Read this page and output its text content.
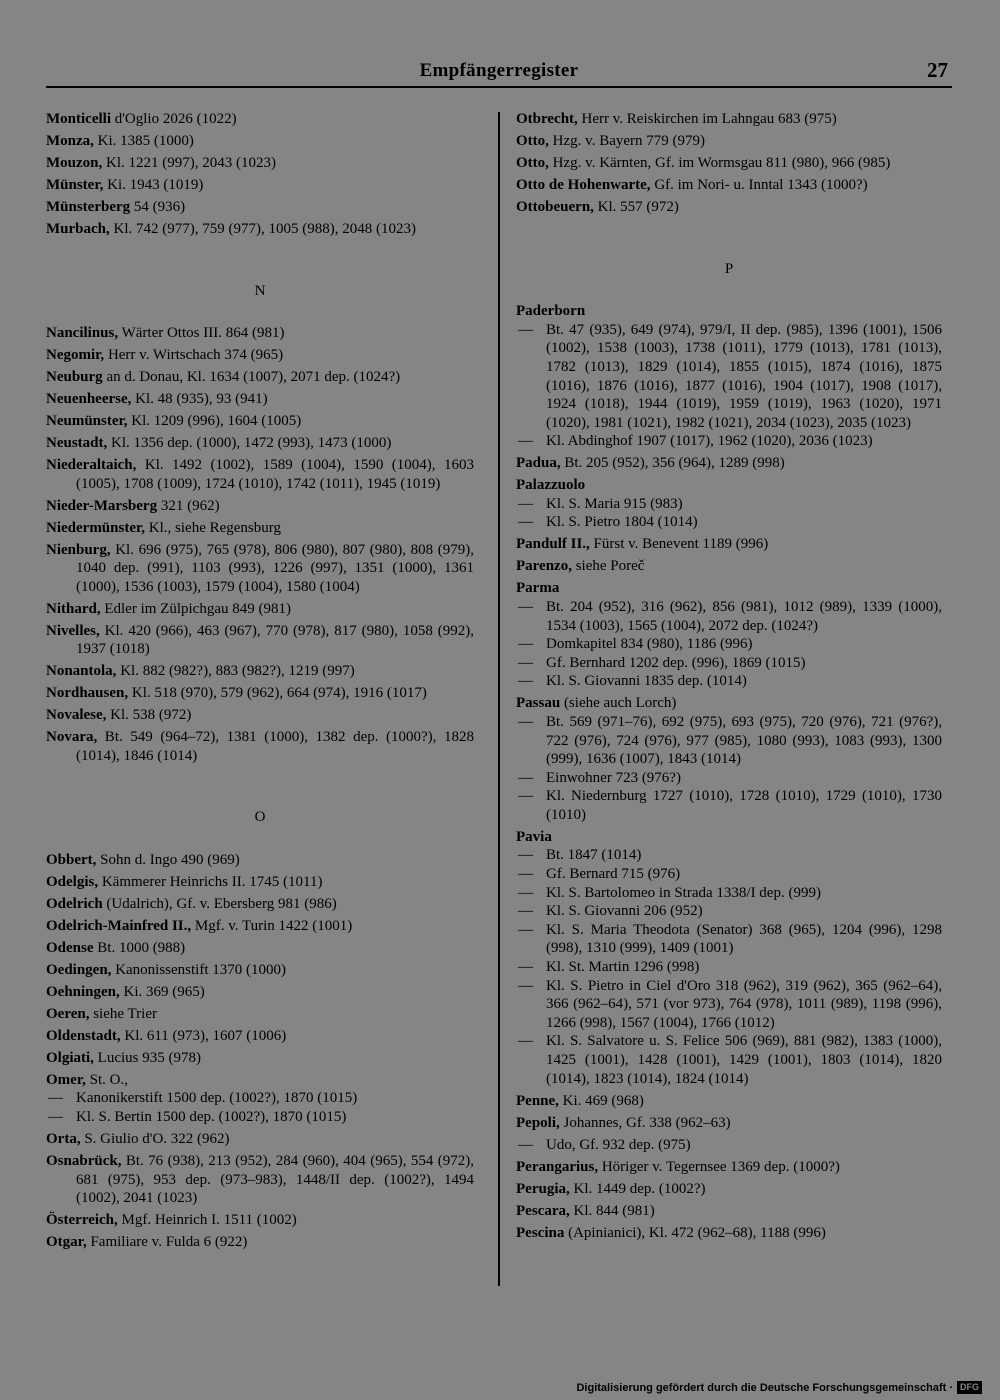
Empfängerregister	27
Monticelli d'Oglio 2026 (1022)
Monza, Ki. 1385 (1000)
Mouzon, Kl. 1221 (997), 2043 (1023)
Münster, Ki. 1943 (1019)
Münsterberg 54 (936)
Murbach, Kl. 742 (977), 759 (977), 1005 (988), 2048 (1023)
N
Nancilinus, Wärter Ottos III. 864 (981)
Negomir, Herr v. Wirtschach 374 (965)
Neuburg an d. Donau, Kl. 1634 (1007), 2071 dep. (1024?)
Neuenheerse, Kl. 48 (935), 93 (941)
Neumünster, Kl. 1209 (996), 1604 (1005)
Neustadt, Kl. 1356 dep. (1000), 1472 (993), 1473 (1000)
Niederaltaich, Kl. 1492 (1002), 1589 (1004), 1590 (1004), 1603 (1005), 1708 (1009), 1724 (1010), 1742 (1011), 1945 (1019)
Nieder-Marsberg 321 (962)
Niedermünster, Kl., siehe Regensburg
Nienburg, Kl. 696 (975), 765 (978), 806 (980), 807 (980), 808 (979), 1040 dep. (991), 1103 (993), 1226 (997), 1351 (1000), 1361 (1000), 1536 (1003), 1579 (1004), 1580 (1004)
Nithard, Edler im Zülpichgau 849 (981)
Nivelles, Kl. 420 (966), 463 (967), 770 (978), 817 (980), 1058 (992), 1937 (1018)
Nonantola, Kl. 882 (982?), 883 (982?), 1219 (997)
Nordhausen, Kl. 518 (970), 579 (962), 664 (974), 1916 (1017)
Novalese, Kl. 538 (972)
Novara, Bt. 549 (964–72), 1381 (1000), 1382 dep. (1000?), 1828 (1014), 1846 (1014)
O
Obbert, Sohn d. Ingo 490 (969)
Odelgis, Kämmerer Heinrichs II. 1745 (1011)
Odelrich (Udalrich), Gf. v. Ebersberg 981 (986)
Odelrich-Mainfred II., Mgf. v. Turin 1422 (1001)
Odense Bt. 1000 (988)
Oedingen, Kanonissenstift 1370 (1000)
Oehningen, Ki. 369 (965)
Oeren, siehe Trier
Oldenstadt, Kl. 611 (973), 1607 (1006)
Olgiati, Lucius 935 (978)
Omer, St. O.,
— Kanonikerstift 1500 dep. (1002?), 1870 (1015)
— Kl. S. Bertin 1500 dep. (1002?), 1870 (1015)
Orta, S. Giulio d'O. 322 (962)
Osnabrück, Bt. 76 (938), 213 (952), 284 (960), 404 (965), 554 (972), 681 (975), 953 dep. (973–983), 1448/II dep. (1002?), 1494 (1002), 2041 (1023)
Österreich, Mgf. Heinrich I. 1511 (1002)
Otgar, Familiare v. Fulda 6 (922)
Otbrecht, Herr v. Reiskirchen im Lahngau 683 (975)
Otto, Hzg. v. Bayern 779 (979)
Otto, Hzg. v. Kärnten, Gf. im Wormsgau 811 (980), 966 (985)
Otto de Hohenwarte, Gf. im Nori- u. Inntal 1343 (1000?)
Ottobeuern, Kl. 557 (972)
P
Paderborn
— Bt. 47 (935), 649 (974), 979/I, II dep. (985), 1396 (1001), 1506 (1002), 1538 (1003), 1738 (1011), 1779 (1013), 1781 (1013), 1782 (1013), 1829 (1014), 1855 (1015), 1874 (1016), 1875 (1016), 1876 (1016), 1877 (1016), 1904 (1017), 1908 (1017), 1924 (1018), 1944 (1019), 1959 (1019), 1963 (1020), 1971 (1020), 1981 (1021), 1982 (1021), 2034 (1023), 2035 (1023)
— Kl. Abdinghof 1907 (1017), 1962 (1020), 2036 (1023)
Padua, Bt. 205 (952), 356 (964), 1289 (998)
Palazzuolo
— Kl. S. Maria 915 (983)
— Kl. S. Pietro 1804 (1014)
Pandulf II., Fürst v. Benevent 1189 (996)
Parenzo, siehe Poreč
Parma
— Bt. 204 (952), 316 (962), 856 (981), 1012 (989), 1339 (1000), 1534 (1003), 1565 (1004), 2072 dep. (1024?)
— Domkapitel 834 (980), 1186 (996)
— Gf. Bernhard 1202 dep. (996), 1869 (1015)
— Kl. S. Giovanni 1835 dep. (1014)
Passau (siehe auch Lorch)
— Bt. 569 (971–76), 692 (975), 693 (975), 720 (976), 721 (976?), 722 (976), 724 (976), 977 (985), 1080 (993), 1083 (993), 1300 (999), 1636 (1007), 1843 (1014)
— Einwohner 723 (976?)
— Kl. Niedernburg 1727 (1010), 1728 (1010), 1729 (1010), 1730 (1010)
Pavia
— Bt. 1847 (1014)
— Gf. Bernard 715 (976)
— Kl. S. Bartolomeo in Strada 1338/I dep. (999)
— Kl. S. Giovanni 206 (952)
— Kl. S. Maria Theodota (Senator) 368 (965), 1204 (996), 1298 (998), 1310 (999), 1409 (1001)
— Kl. St. Martin 1296 (998)
— Kl. S. Pietro in Ciel d'Oro 318 (962), 319 (962), 365 (962–64), 366 (962–64), 571 (vor 973), 764 (978), 1011 (989), 1198 (996), 1266 (998), 1567 (1004), 1766 (1012)
— Kl. S. Salvatore u. S. Felice 506 (969), 881 (982), 1383 (1000), 1425 (1001), 1428 (1001), 1429 (1001), 1803 (1014), 1820 (1014), 1823 (1014), 1824 (1014)
Penne, Ki. 469 (968)
Pepoli, Johannes, Gf. 338 (962–63)
— Udo, Gf. 932 dep. (975)
Perangarius, Höriger v. Tegernsee 1369 dep. (1000?)
Perugia, Kl. 1449 dep. (1002?)
Pescara, Kl. 844 (981)
Pescina (Apinianici), Kl. 472 (962–68), 1188 (996)
Digitalisierung gefördert durch die Deutsche Forschungsgemeinschaft · DFG
